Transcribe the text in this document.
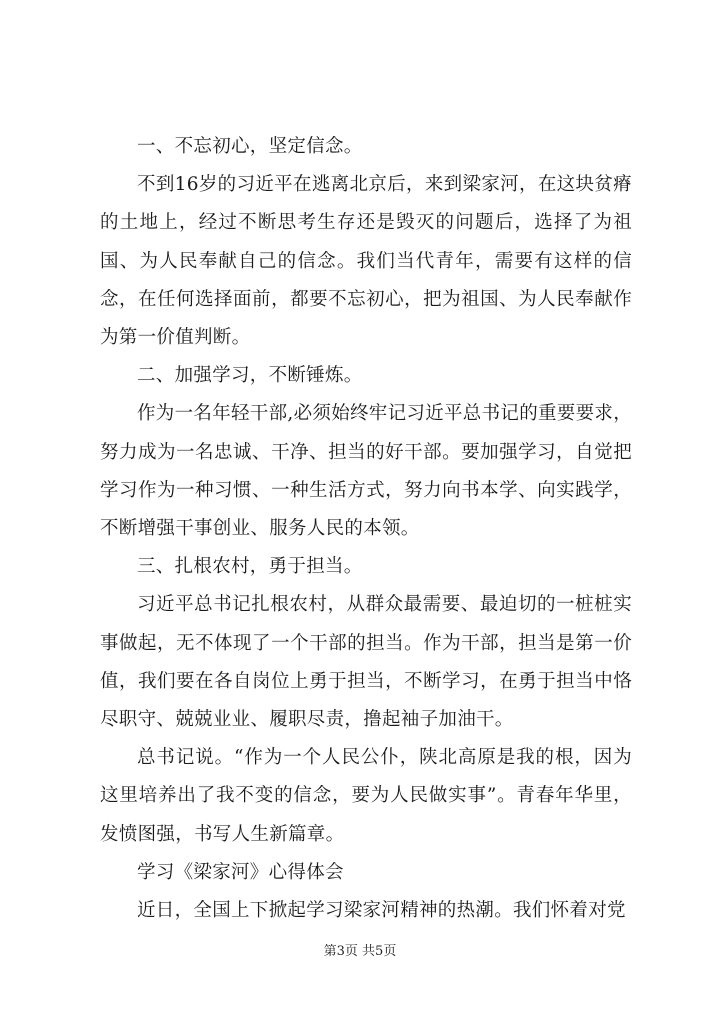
一、不忘初心，坚定信念。

不到16岁的习近平在逃离北京后，来到梁家河，在这块贫瘠的土地上，经过不断思考生存还是毁灭的问题后，选择了为祖国、为人民奉献自己的信念。我们当代青年，需要有这样的信念，在任何选择面前，都要不忘初心，把为祖国、为人民奉献作为第一价值判断。

二、加强学习，不断锤炼。

作为一名年轻干部,必须始终牢记习近平总书记的重要要求，努力成为一名忠诚、干净、担当的好干部。要加强学习，自觉把学习作为一种习惯、一种生活方式，努力向书本学、向实践学，不断增强干事创业、服务人民的本领。

三、扎根农村，勇于担当。

习近平总书记扎根农村，从群众最需要、最迫切的一桩桩实事做起，无不体现了一个干部的担当。作为干部，担当是第一价值，我们要在各自岗位上勇于担当，不断学习，在勇于担当中恪尽职守、兢兢业业、履职尽责，撸起袖子加油干。

总书记说。“作为一个人民公仆，陕北高原是我的根，因为这里培养出了我不变的信念，要为人民做实事”。青春年华里，发愤图强，书写人生新篇章。

学习《梁家河》心得体会

近日，全国上下掀起学习梁家河精神的热潮。我们怀着对党

第3页 共5页
